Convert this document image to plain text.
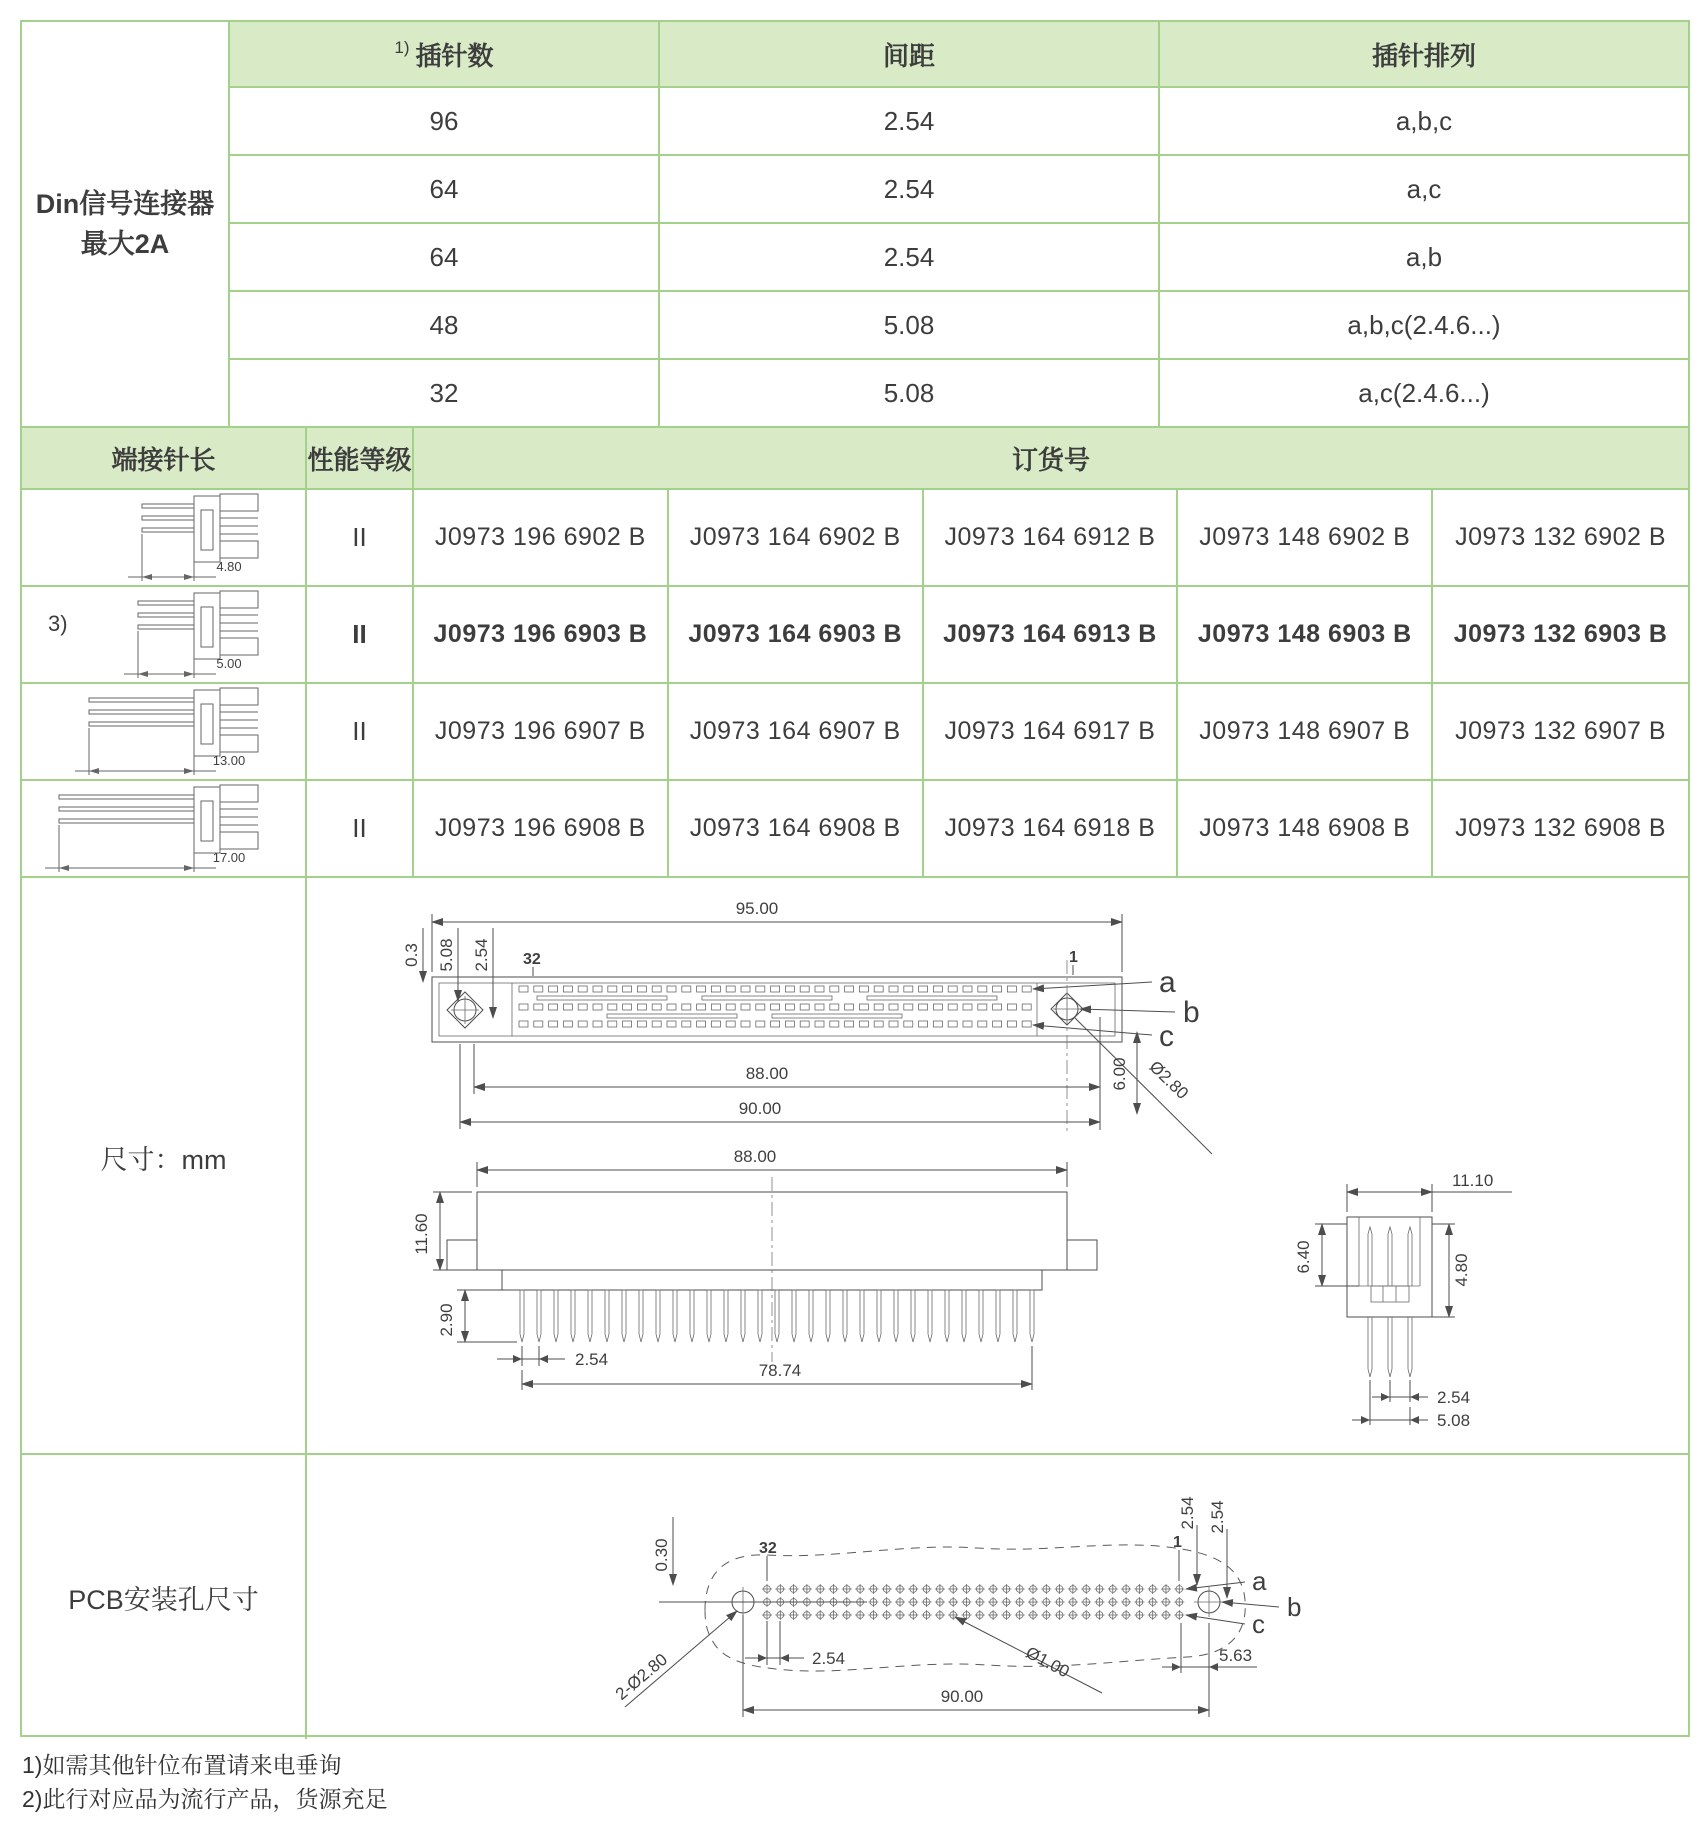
Din信号连接器
最大2A
1) 插针数	间距	插针排列
96	2.54	a,b,c
64	2.54	a,c
64	2.54	a,b
48	5.08	a,b,c(2.4.6...)
32	5.08	a,c(2.4.6...)
端接针长	性能等级	订货号
4.80
II	J0973 196 6902 B	J0973 164 6902 B	J0973 164 6912 B	J0973 148 6902 B	J0973 132 6902 B
3)
5.00
II	J0973 196 6903 B	J0973 164 6903 B	J0973 164 6913 B	J0973 148 6903 B	J0973 132 6903 B
13.00
II	J0973 196 6907 B	J0973 164 6907 B	J0973 164 6917 B	J0973 148 6907 B	J0973 132 6907 B
17.00
II	J0973 196 6908 B	J0973 164 6908 B	J0973 164 6918 B	J0973 148 6908 B	J0973 132 6908 B
尺寸：mm
95.00
32	1
0.3 5.08 2.54
a
b
c
Ø2.80
6.00
88.00
90.00
11.60
88.00
2.90
2.54
78.74
11.10
6.40	4.80
2.54
5.08
PCB安装孔尺寸
0.30	32	1
2.54 2.54
a
b
c
2-Ø2.80	2.54	Ø1.00
90.00
5.63
1)如需其他针位布置请来电垂询
2)此行对应品为流行产品，货源充足
